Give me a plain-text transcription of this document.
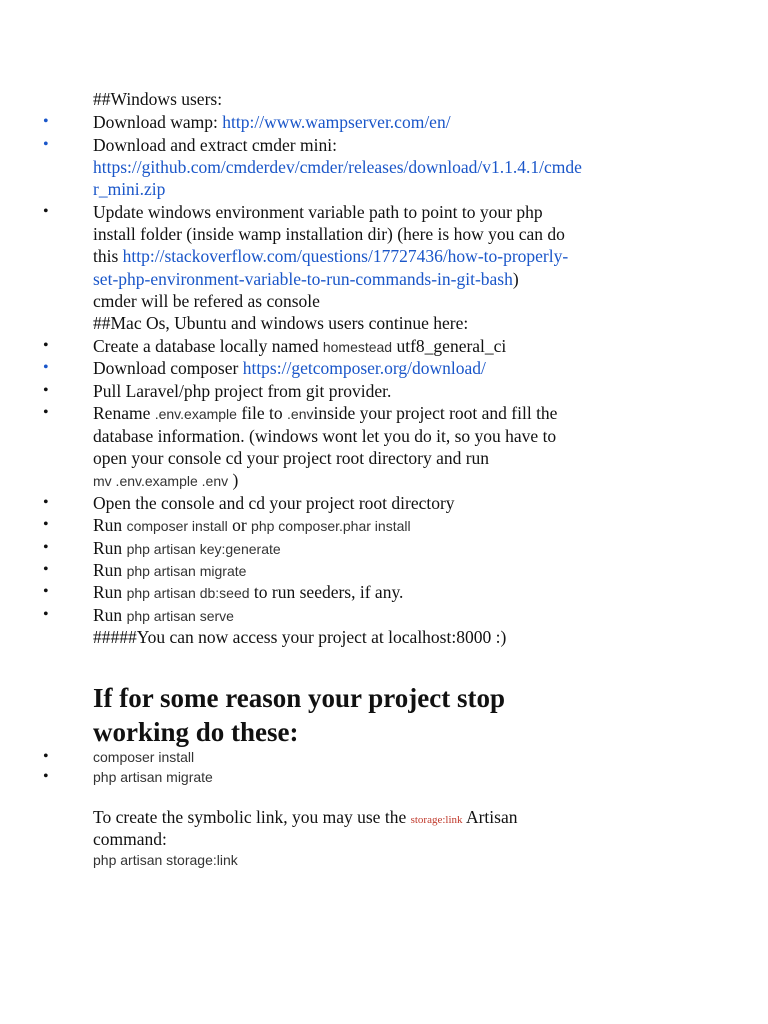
##Windows users:
•	Download wamp: http://www.wampserver.com/en/
•	Download and extract cmder mini:
https://github.com/cmderdev/cmder/releases/download/v1.1.4.1/cmde
r_mini.zip
•	Update windows environment variable path to point to your php
install folder (inside wamp installation dir) (here is how you can do
this http://stackoverflow.com/questions/17727436/how-to-properly-
set-php-environment-variable-to-run-commands-in-git-bash)
cmder will be refered as console
##Mac Os, Ubuntu and windows users continue here:
•	Create a database locally named homestead utf8_general_ci
•	Download composer https://getcomposer.org/download/
•	Pull Laravel/php project from git provider.
•	Rename .env.example file to .envinside your project root and fill the
database information. (windows wont let you do it, so you have to
open your console cd your project root directory and run
mv .env.example .env )
•	Open the console and cd your project root directory
•	Run composer install or php composer.phar install
•	Run php artisan key:generate
•	Run php artisan migrate
•	Run php artisan db:seed to run seeders, if any.
•	Run php artisan serve
#####You can now access your project at localhost:8000 :)
If for some reason your project stop
working do these:
•	composer install
•	php artisan migrate
To create the symbolic link, you may use the storage:link Artisan
command:
php artisan storage:link
